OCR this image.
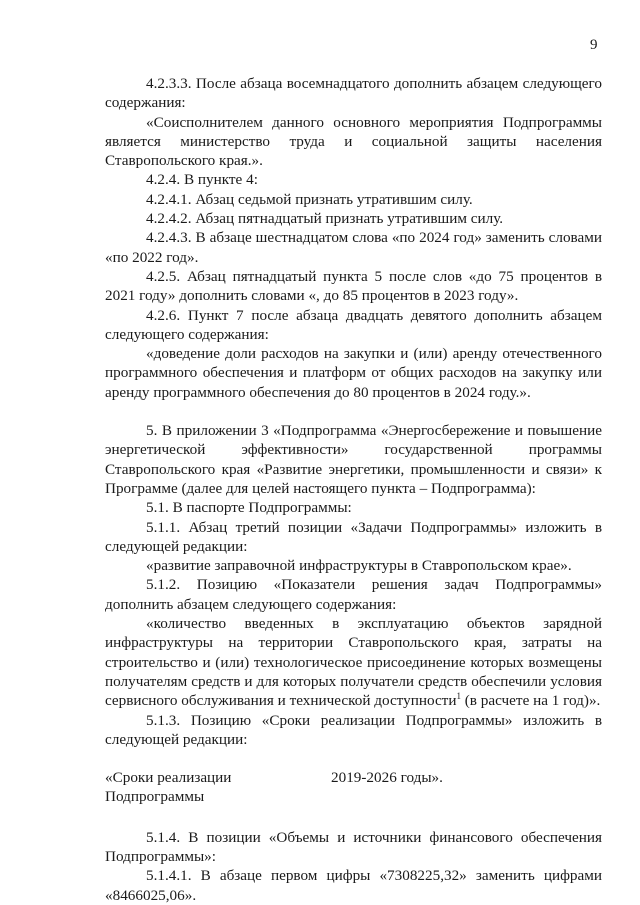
9

4.2.3.3. После абзаца восемнадцатого дополнить абзацем следующего содержания:

«Соисполнителем данного основного мероприятия Подпрограммы является министерство труда и социальной защиты населения Ставропольского края.».

4.2.4. В пункте 4:

4.2.4.1. Абзац седьмой признать утратившим силу.

4.2.4.2. Абзац пятнадцатый признать утратившим силу.

4.2.4.3. В абзаце шестнадцатом слова «по 2024 год» заменить словами «по 2022 год».

4.2.5. Абзац пятнадцатый пункта 5 после слов «до 75 процентов в 2021 году» дополнить словами «, до 85 процентов в 2023 году».

4.2.6. Пункт 7 после абзаца двадцать девятого дополнить абзацем следующего содержания:

«доведение доли расходов на закупки и (или) аренду отечественного программного обеспечения и платформ от общих расходов на закупку или аренду программного обеспечения до 80 процентов в 2024 году.».

5. В приложении 3 «Подпрограмма «Энергосбережение и повышение энергетической эффективности» государственной программы Ставропольского края «Развитие энергетики, промышленности и связи» к Программе (далее для целей настоящего пункта – Подпрограмма):

5.1. В паспорте Подпрограммы:

5.1.1. Абзац третий позиции «Задачи Подпрограммы» изложить в следующей редакции:

«развитие заправочной инфраструктуры в Ставропольском крае».

5.1.2. Позицию «Показатели решения задач Подпрограммы» дополнить абзацем следующего содержания:

«количество введенных в эксплуатацию объектов зарядной инфраструктуры на территории Ставропольского края, затраты на строительство и (или) технологическое присоединение которых возмещены получателям средств и для которых получатели средств обеспечили условия сервисного обслуживания и технической доступности$^1$ (в расчете на 1 год)».

5.1.3. Позицию «Сроки реализации Подпрограммы» изложить в следующей редакции:

«Сроки реализации
Подпрограммы
2019-2026 годы».

5.1.4. В позиции «Объемы и источники финансового обеспечения Подпрограммы»:

5.1.4.1. В абзаце первом цифры «7308225,32» заменить цифрами «8466025,06».
